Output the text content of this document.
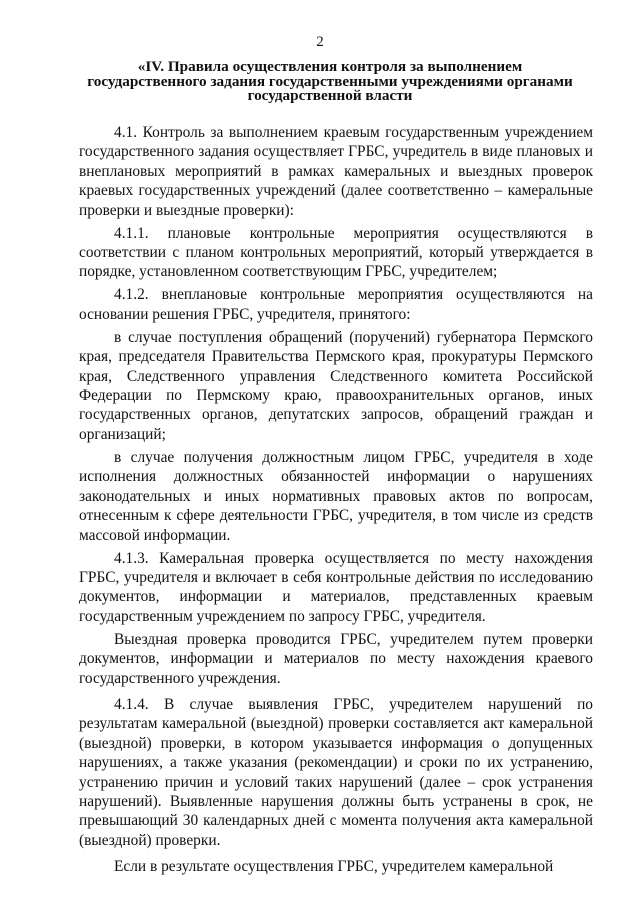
2
«IV. Правила осуществления контроля за выполнением государственного задания государственными учреждениями органами государственной власти

4.1. Контроль за выполнением краевым государственным учреждением государственного задания осуществляет ГРБС, учредитель в виде плановых и внеплановых мероприятий в рамках камеральных и выездных проверок краевых государственных учреждений (далее соответственно – камеральные проверки и выездные проверки):

4.1.1. плановые контрольные мероприятия осуществляются в соответствии с планом контрольных мероприятий, который утверждается в порядке, установленном соответствующим ГРБС, учредителем;

4.1.2. внеплановые контрольные мероприятия осуществляются на основании решения ГРБС, учредителя, принятого:

в случае поступления обращений (поручений) губернатора Пермского края, председателя Правительства Пермского края, прокуратуры Пермского края, Следственного управления Следственного комитета Российской Федерации по Пермскому краю, правоохранительных органов, иных государственных органов, депутатских запросов, обращений граждан и организаций;

в случае получения должностным лицом ГРБС, учредителя в ходе исполнения должностных обязанностей информации о нарушениях законодательных и иных нормативных правовых актов по вопросам, отнесенным к сфере деятельности ГРБС, учредителя, в том числе из средств массовой информации.

4.1.3. Камеральная проверка осуществляется по месту нахождения ГРБС, учредителя и включает в себя контрольные действия по исследованию документов, информации и материалов, представленных краевым государственным учреждением по запросу ГРБС, учредителя.

Выездная проверка проводится ГРБС, учредителем путем проверки документов, информации и материалов по месту нахождения краевого государственного учреждения.

4.1.4. В случае выявления ГРБС, учредителем нарушений по результатам камеральной (выездной) проверки составляется акт камеральной (выездной) проверки, в котором указывается информация о допущенных нарушениях, а также указания (рекомендации) и сроки по их устранению, устранению причин и условий таких нарушений (далее – срок устранения нарушений). Выявленные нарушения должны быть устранены в срок, не превышающий 30 календарных дней с момента получения акта камеральной (выездной) проверки.

Если в результате осуществления ГРБС, учредителем камеральной
